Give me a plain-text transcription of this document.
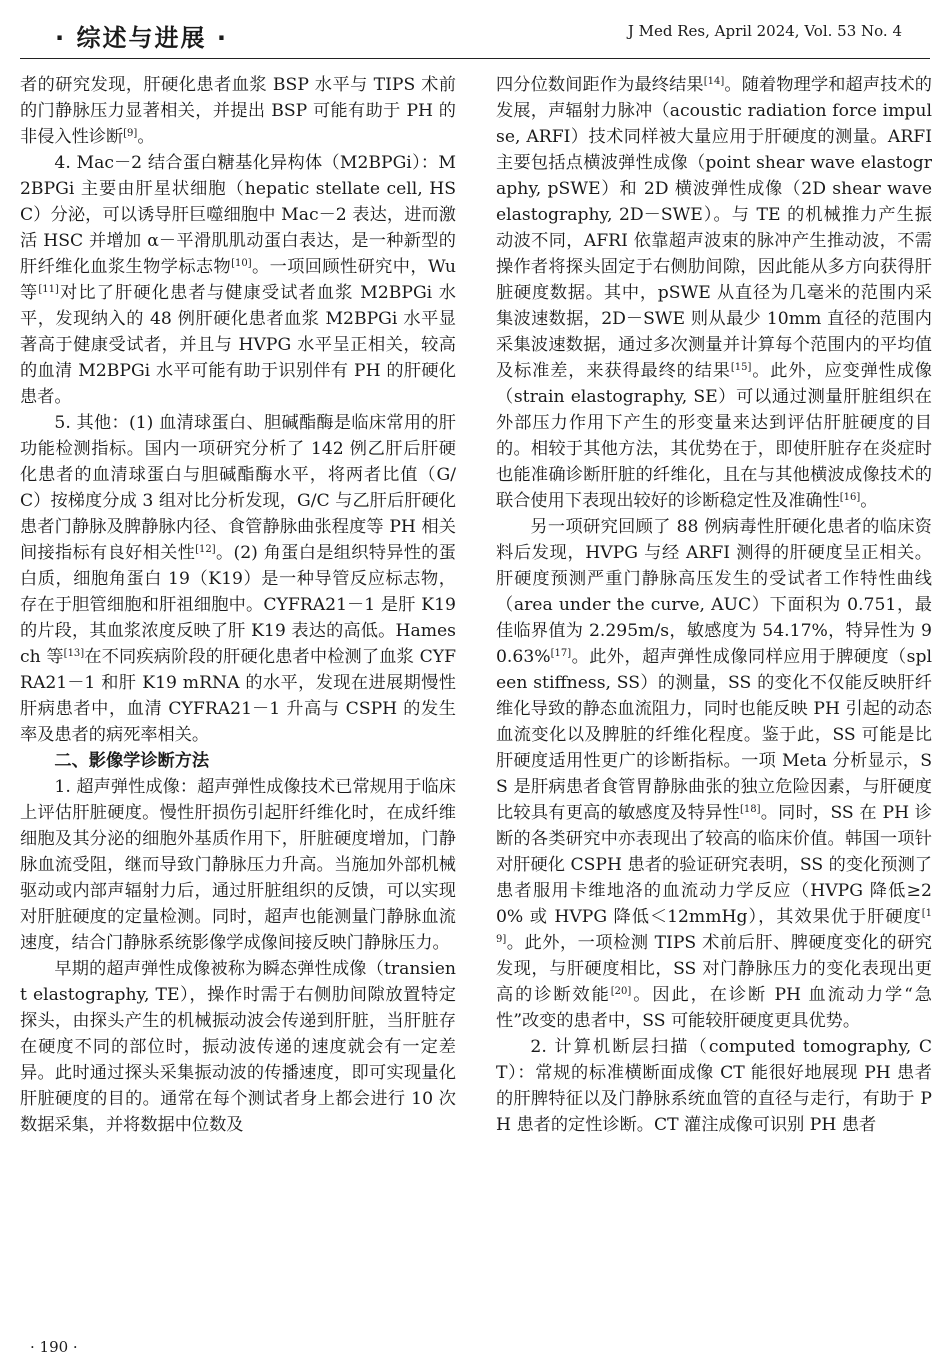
· 综述与进展 ·	J Med Res, April 2024, Vol. 53 No. 4

者的研究发现，肝硬化患者血浆 BSP 水平与 TIPS 术前的门静脉压力显著相关，并提出 BSP 可能有助于 PH 的非侵入性诊断[9]。

4. Mac－2 结合蛋白糖基化异构体（M2BPGi）：M2BPGi 主要由肝星状细胞（hepatic stellate cell, HSC）分泌，可以诱导肝巨噬细胞中 Mac－2 表达，进而激活 HSC 并增加 α－平滑肌肌动蛋白表达，是一种新型的肝纤维化血浆生物学标志物[10]。一项回顾性研究中，Wu 等[11]对比了肝硬化患者与健康受试者血浆 M2BPGi 水平，发现纳入的 48 例肝硬化患者血浆 M2BPGi 水平显著高于健康受试者，并且与 HVPG 水平呈正相关，较高的血清 M2BPGi 水平可能有助于识别伴有 PH 的肝硬化患者。

5. 其他：(1) 血清球蛋白、胆碱酯酶是临床常用的肝功能检测指标。国内一项研究分析了 142 例乙肝后肝硬化患者的血清球蛋白与胆碱酯酶水平，将两者比值（G/C）按梯度分成 3 组对比分析发现，G/C 与乙肝后肝硬化患者门静脉及脾静脉内径、食管静脉曲张程度等 PH 相关间接指标有良好相关性[12]。(2) 角蛋白是组织特异性的蛋白质，细胞角蛋白 19（K19）是一种导管反应标志物，存在于胆管细胞和肝祖细胞中。CYFRA21－1 是肝 K19 的片段，其血浆浓度反映了肝 K19 表达的高低。Hamesch 等[13]在不同疾病阶段的肝硬化患者中检测了血浆 CYFRA21－1 和肝 K19 mRNA 的水平，发现在进展期慢性肝病患者中，血清 CYFRA21－1 升高与 CSPH 的发生率及患者的病死率相关。

二、影像学诊断方法

1. 超声弹性成像：超声弹性成像技术已常规用于临床上评估肝脏硬度。慢性肝损伤引起肝纤维化时，在成纤维细胞及其分泌的细胞外基质作用下，肝脏硬度增加，门静脉血流受阻，继而导致门静脉压力升高。当施加外部机械驱动或内部声辐射力后，通过肝脏组织的反馈，可以实现对肝脏硬度的定量检测。同时，超声也能测量门静脉血流速度，结合门静脉系统影像学成像间接反映门静脉压力。

早期的超声弹性成像被称为瞬态弹性成像（transient elastography, TE），操作时需于右侧肋间隙放置特定探头，由探头产生的机械振动波会传递到肝脏，当肝脏存在硬度不同的部位时，振动波传递的速度就会有一定差异。此时通过探头采集振动波的传播速度，即可实现量化肝脏硬度的目的。通常在每个测试者身上都会进行 10 次数据采集，并将数据中位数及

四分位数间距作为最终结果[14]。随着物理学和超声技术的发展，声辐射力脉冲（acoustic radiation force impulse, ARFI）技术同样被大量应用于肝硬度的测量。ARFI 主要包括点横波弹性成像（point shear wave elastography, pSWE）和 2D 横波弹性成像（2D shear wave elastography, 2D－SWE）。与 TE 的机械推力产生振动波不同，AFRI 依靠超声波束的脉冲产生推动波，不需操作者将探头固定于右侧肋间隙，因此能从多方向获得肝脏硬度数据。其中，pSWE 从直径为几毫米的范围内采集波速数据，2D－SWE 则从最少 10mm 直径的范围内采集波速数据，通过多次测量并计算每个范围内的平均值及标准差，来获得最终的结果[15]。此外，应变弹性成像（strain elastography, SE）可以通过测量肝脏组织在外部压力作用下产生的形变量来达到评估肝脏硬度的目的。相较于其他方法，其优势在于，即使肝脏存在炎症时也能准确诊断肝脏的纤维化，且在与其他横波成像技术的联合使用下表现出较好的诊断稳定性及准确性[16]。

另一项研究回顾了 88 例病毒性肝硬化患者的临床资料后发现，HVPG 与经 ARFI 测得的肝硬度呈正相关。肝硬度预测严重门静脉高压发生的受试者工作特性曲线（area under the curve, AUC）下面积为 0.751，最佳临界值为 2.295m/s，敏感度为 54.17%，特异性为 90.63%[17]。此外，超声弹性成像同样应用于脾硬度（spleen stiffness, SS）的测量，SS 的变化不仅能反映肝纤维化导致的静态血流阻力，同时也能反映 PH 引起的动态血流变化以及脾脏的纤维化程度。鉴于此，SS 可能是比肝硬度适用性更广的诊断指标。一项 Meta 分析显示，SS 是肝病患者食管胃静脉曲张的独立危险因素，与肝硬度比较具有更高的敏感度及特异性[18]。同时，SS 在 PH 诊断的各类研究中亦表现出了较高的临床价值。韩国一项针对肝硬化 CSPH 患者的验证研究表明，SS 的变化预测了患者服用卡维地洛的血流动力学反应（HVPG 降低≥20% 或 HVPG 降低＜12mmHg），其效果优于肝硬度[19]。此外，一项检测 TIPS 术前后肝、脾硬度变化的研究发现，与肝硬度相比，SS 对门静脉压力的变化表现出更高的诊断效能[20]。因此，在诊断 PH 血流动力学“急性”改变的患者中，SS 可能较肝硬度更具优势。

2. 计算机断层扫描（computed tomography, CT）：常规的标准横断面成像 CT 能很好地展现 PH 患者的肝脾特征以及门静脉系统血管的直径与走行，有助于 PH 患者的定性诊断。CT 灌注成像可识别 PH 患者

· 190 ·
